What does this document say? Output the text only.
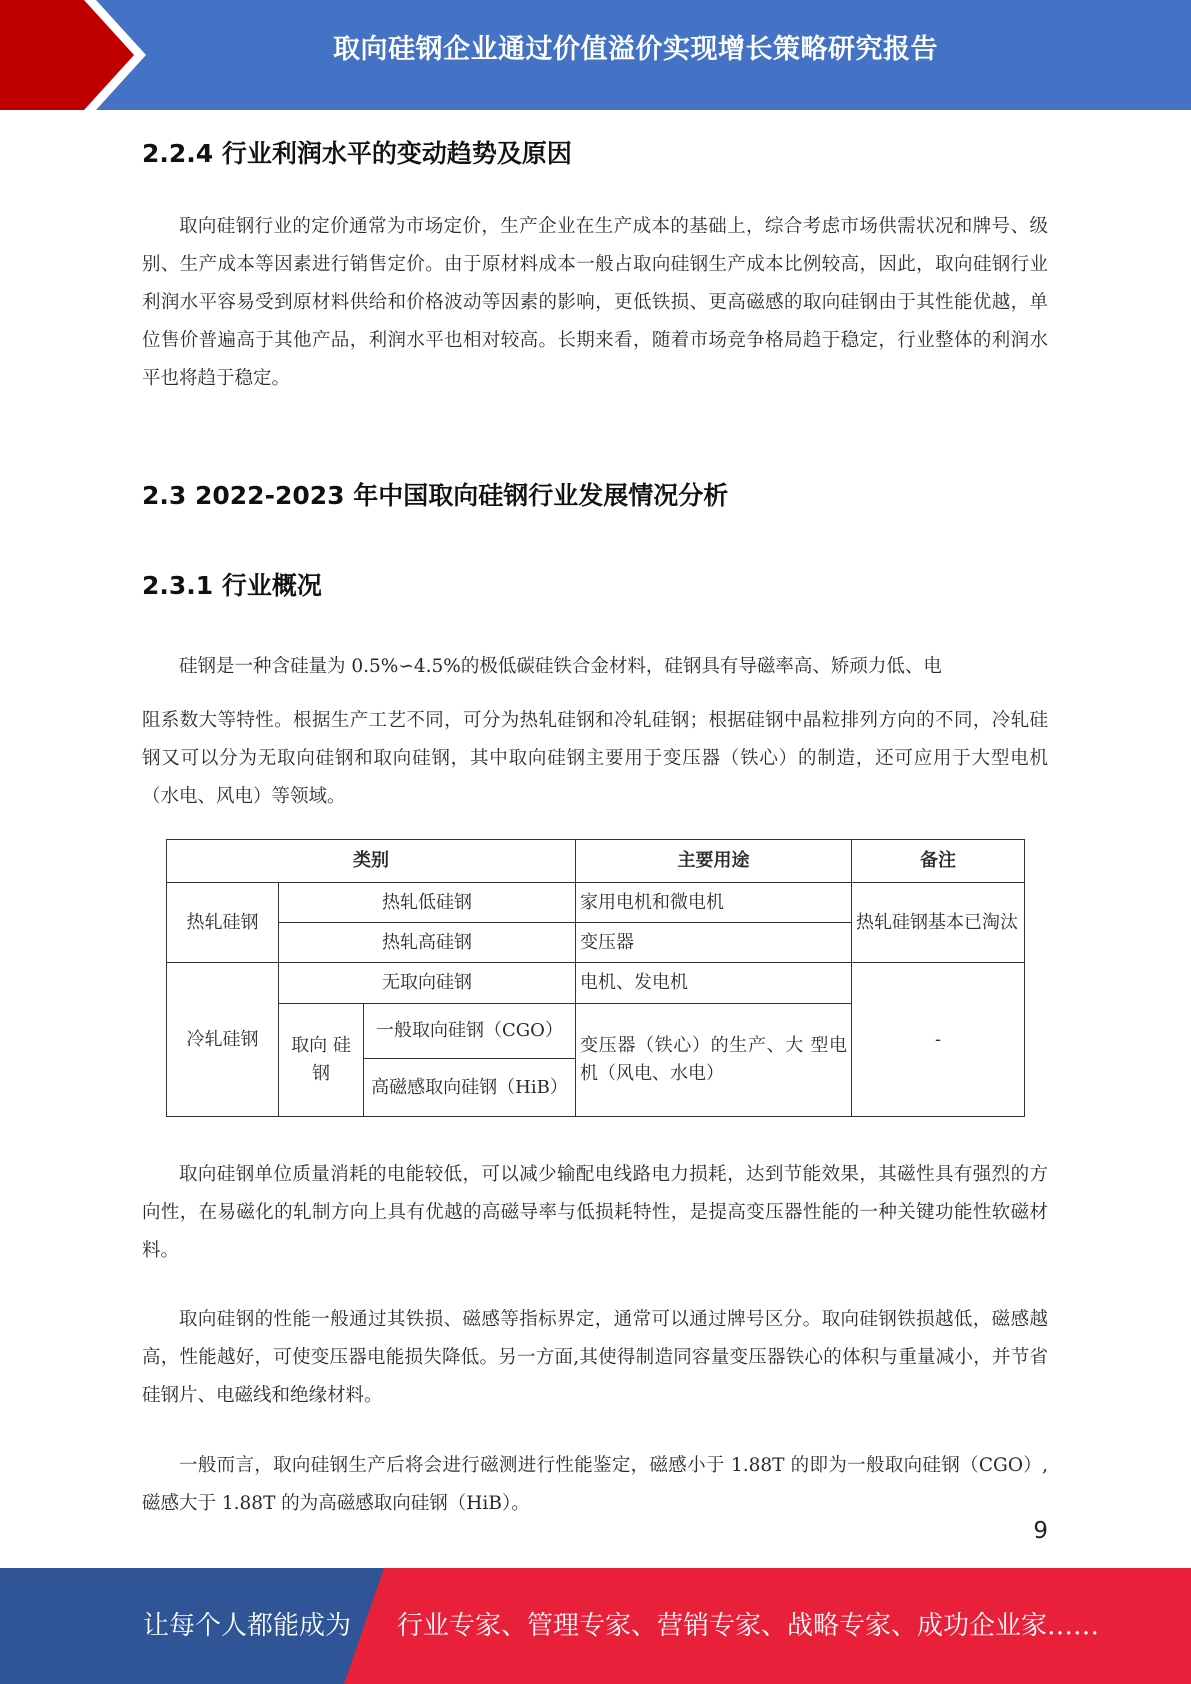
取向硅钢企业通过价值溢价实现增长策略研究报告
2.2.4 行业利润水平的变动趋势及原因
取向硅钢行业的定价通常为市场定价，生产企业在生产成本的基础上，综合考虑市场供需状况和牌号、级别、生产成本等因素进行销售定价。由于原材料成本一般占取向硅钢生产成本比例较高，因此，取向硅钢行业利润水平容易受到原材料供给和价格波动等因素的影响，更低铁损、更高磁感的取向硅钢由于其性能优越，单位售价普遍高于其他产品，利润水平也相对较高。长期来看，随着市场竞争格局趋于稳定，行业整体的利润水平也将趋于稳定。
2.3 2022-2023 年中国取向硅钢行业发展情况分析
2.3.1 行业概况
硅钢是一种含硅量为 0.5%∽4.5%的极低碳硅铁合金材料，硅钢具有导磁率高、矫顽力低、电
阻系数大等特性。根据生产工艺不同，可分为热轧硅钢和冷轧硅钢；根据硅钢中晶粒排列方向的不同，冷轧硅钢又可以分为无取向硅钢和取向硅钢，其中取向硅钢主要用于变压器（铁心）的制造，还可应用于大型电机（水电、风电）等领域。
类别			主要用途	备注
热轧硅钢	热轧低硅钢		家用电机和微电机	热轧硅钢基本已淘汰
	热轧高硅钢		变压器	
冷轧硅钢	无取向硅钢		电机、发电机	-
	取向 硅钢	一般取向硅钢（CGO）	变压器（铁心）的生产、大 型电机（风电、水电）	
		高磁感取向硅钢（HiB）		
取向硅钢单位质量消耗的电能较低，可以减少输配电线路电力损耗，达到节能效果，其磁性具有强烈的方向性，在易磁化的轧制方向上具有优越的高磁导率与低损耗特性，是提高变压器性能的一种关键功能性软磁材料。
取向硅钢的性能一般通过其铁损、磁感等指标界定，通常可以通过牌号区分。取向硅钢铁损越低，磁感越高，性能越好，可使变压器电能损失降低。另一方面,其使得制造同容量变压器铁心的体积与重量减小，并节省硅钢片、电磁线和绝缘材料。
一般而言，取向硅钢生产后将会进行磁测进行性能鉴定，磁感小于 1.88T 的即为一般取向硅钢（CGO）,磁感大于 1.88T 的为高磁感取向硅钢（HiB）。
9
让每个人都能成为 行业专家、管理专家、营销专家、战略专家、成功企业家……
